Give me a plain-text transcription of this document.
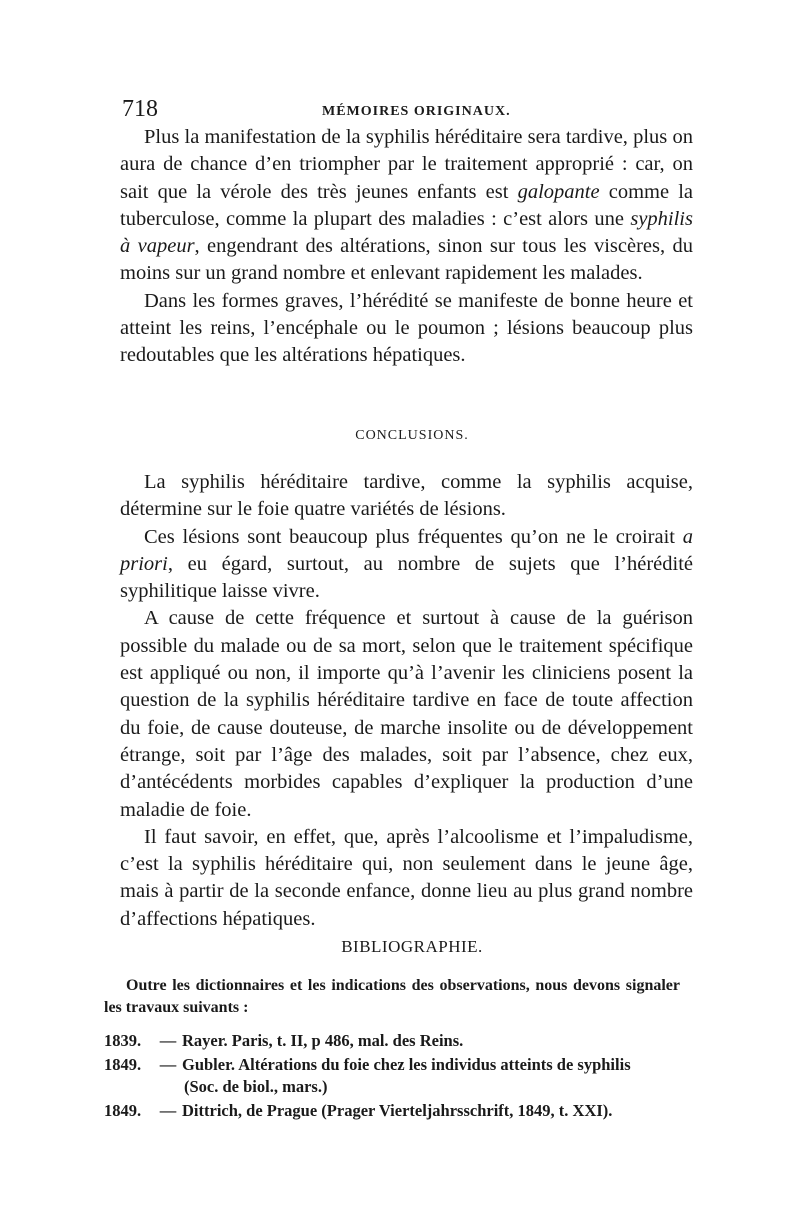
718	MÉMOIRES ORIGINAUX.

Plus la manifestation de la syphilis héréditaire sera tardive, plus on aura de chance d’en triompher par le traitement approprié : car, on sait que la vérole des très jeunes enfants est galopante comme la tuberculose, comme la plupart des maladies : c’est alors une syphilis à vapeur, engendrant des altérations, sinon sur tous les viscères, du moins sur un grand nombre et enlevant rapidement les malades.

Dans les formes graves, l’hérédité se manifeste de bonne heure et atteint les reins, l’encéphale ou le poumon ; lésions beaucoup plus redoutables que les altérations hépatiques.

CONCLUSIONS.

La syphilis héréditaire tardive, comme la syphilis acquise, détermine sur le foie quatre variétés de lésions.

Ces lésions sont beaucoup plus fréquentes qu’on ne le croirait a priori, eu égard, surtout, au nombre de sujets que l’hérédité syphilitique laisse vivre.

A cause de cette fréquence et surtout à cause de la guérison possible du malade ou de sa mort, selon que le traitement spécifique est appliqué ou non, il importe qu’à l’avenir les cliniciens posent la question de la syphilis héréditaire tardive en face de toute affection du foie, de cause douteuse, de marche insolite ou de développement étrange, soit par l’âge des malades, soit par l’absence, chez eux, d’antécédents morbides capables d’expliquer la production d’une maladie de foie.

Il faut savoir, en effet, que, après l’alcoolisme et l’impaludisme, c’est la syphilis héréditaire qui, non seulement dans le jeune âge, mais à partir de la seconde enfance, donne lieu au plus grand nombre d’affections hépatiques.

BIBLIOGRAPHIE.
Outre les dictionnaires et les indications des observations, nous devons signaler les travaux suivants :
1839. — Rayer. Paris, t. II, p 486, mal. des Reins.
1849. — Gubler. Altérations du foie chez les individus atteints de syphilis
(Soc. de biol., mars.)
1849. — Dittrich, de Prague (Prager Vierteljahrsschrift, 1849, t. XXI).
